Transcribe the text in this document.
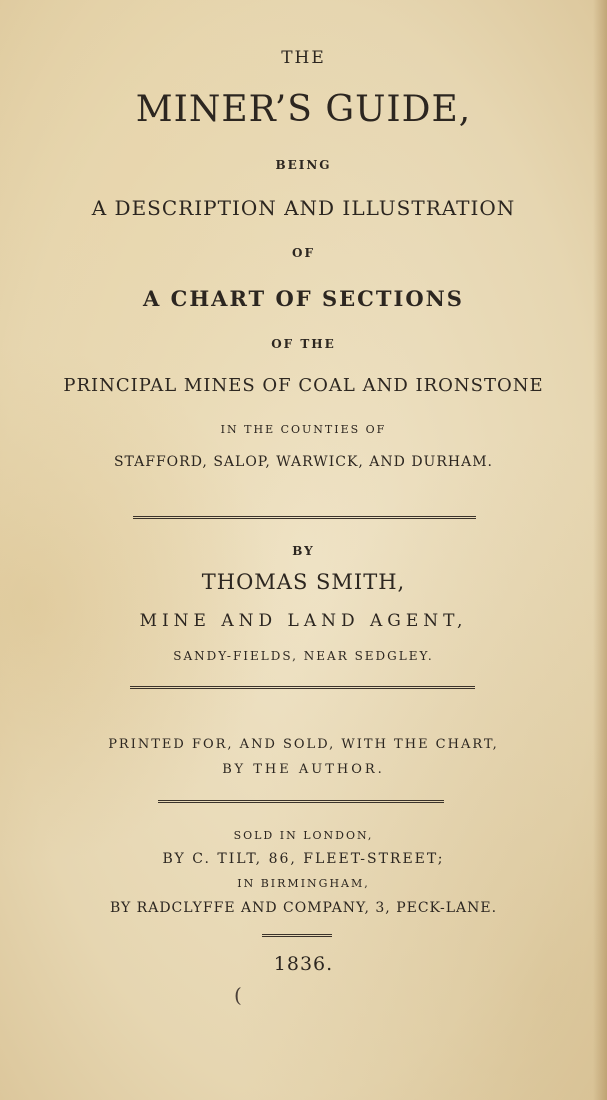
THE
MINER’S GUIDE,
BEING
A DESCRIPTION AND ILLUSTRATION
OF
A CHART OF SECTIONS
OF THE
PRINCIPAL MINES OF COAL AND IRONSTONE
IN THE COUNTIES OF
STAFFORD, SALOP, WARWICK, AND DURHAM.
BY
THOMAS SMITH,
MINE AND LAND AGENT,
SANDY-FIELDS, NEAR SEDGLEY.
PRINTED FOR, AND SOLD, WITH THE CHART,
BY THE AUTHOR.
SOLD IN LONDON,
BY C. TILT, 86, FLEET-STREET;
IN BIRMINGHAM,
BY RADCLYFFE AND COMPANY, 3, PECK-LANE.
1836.
(
